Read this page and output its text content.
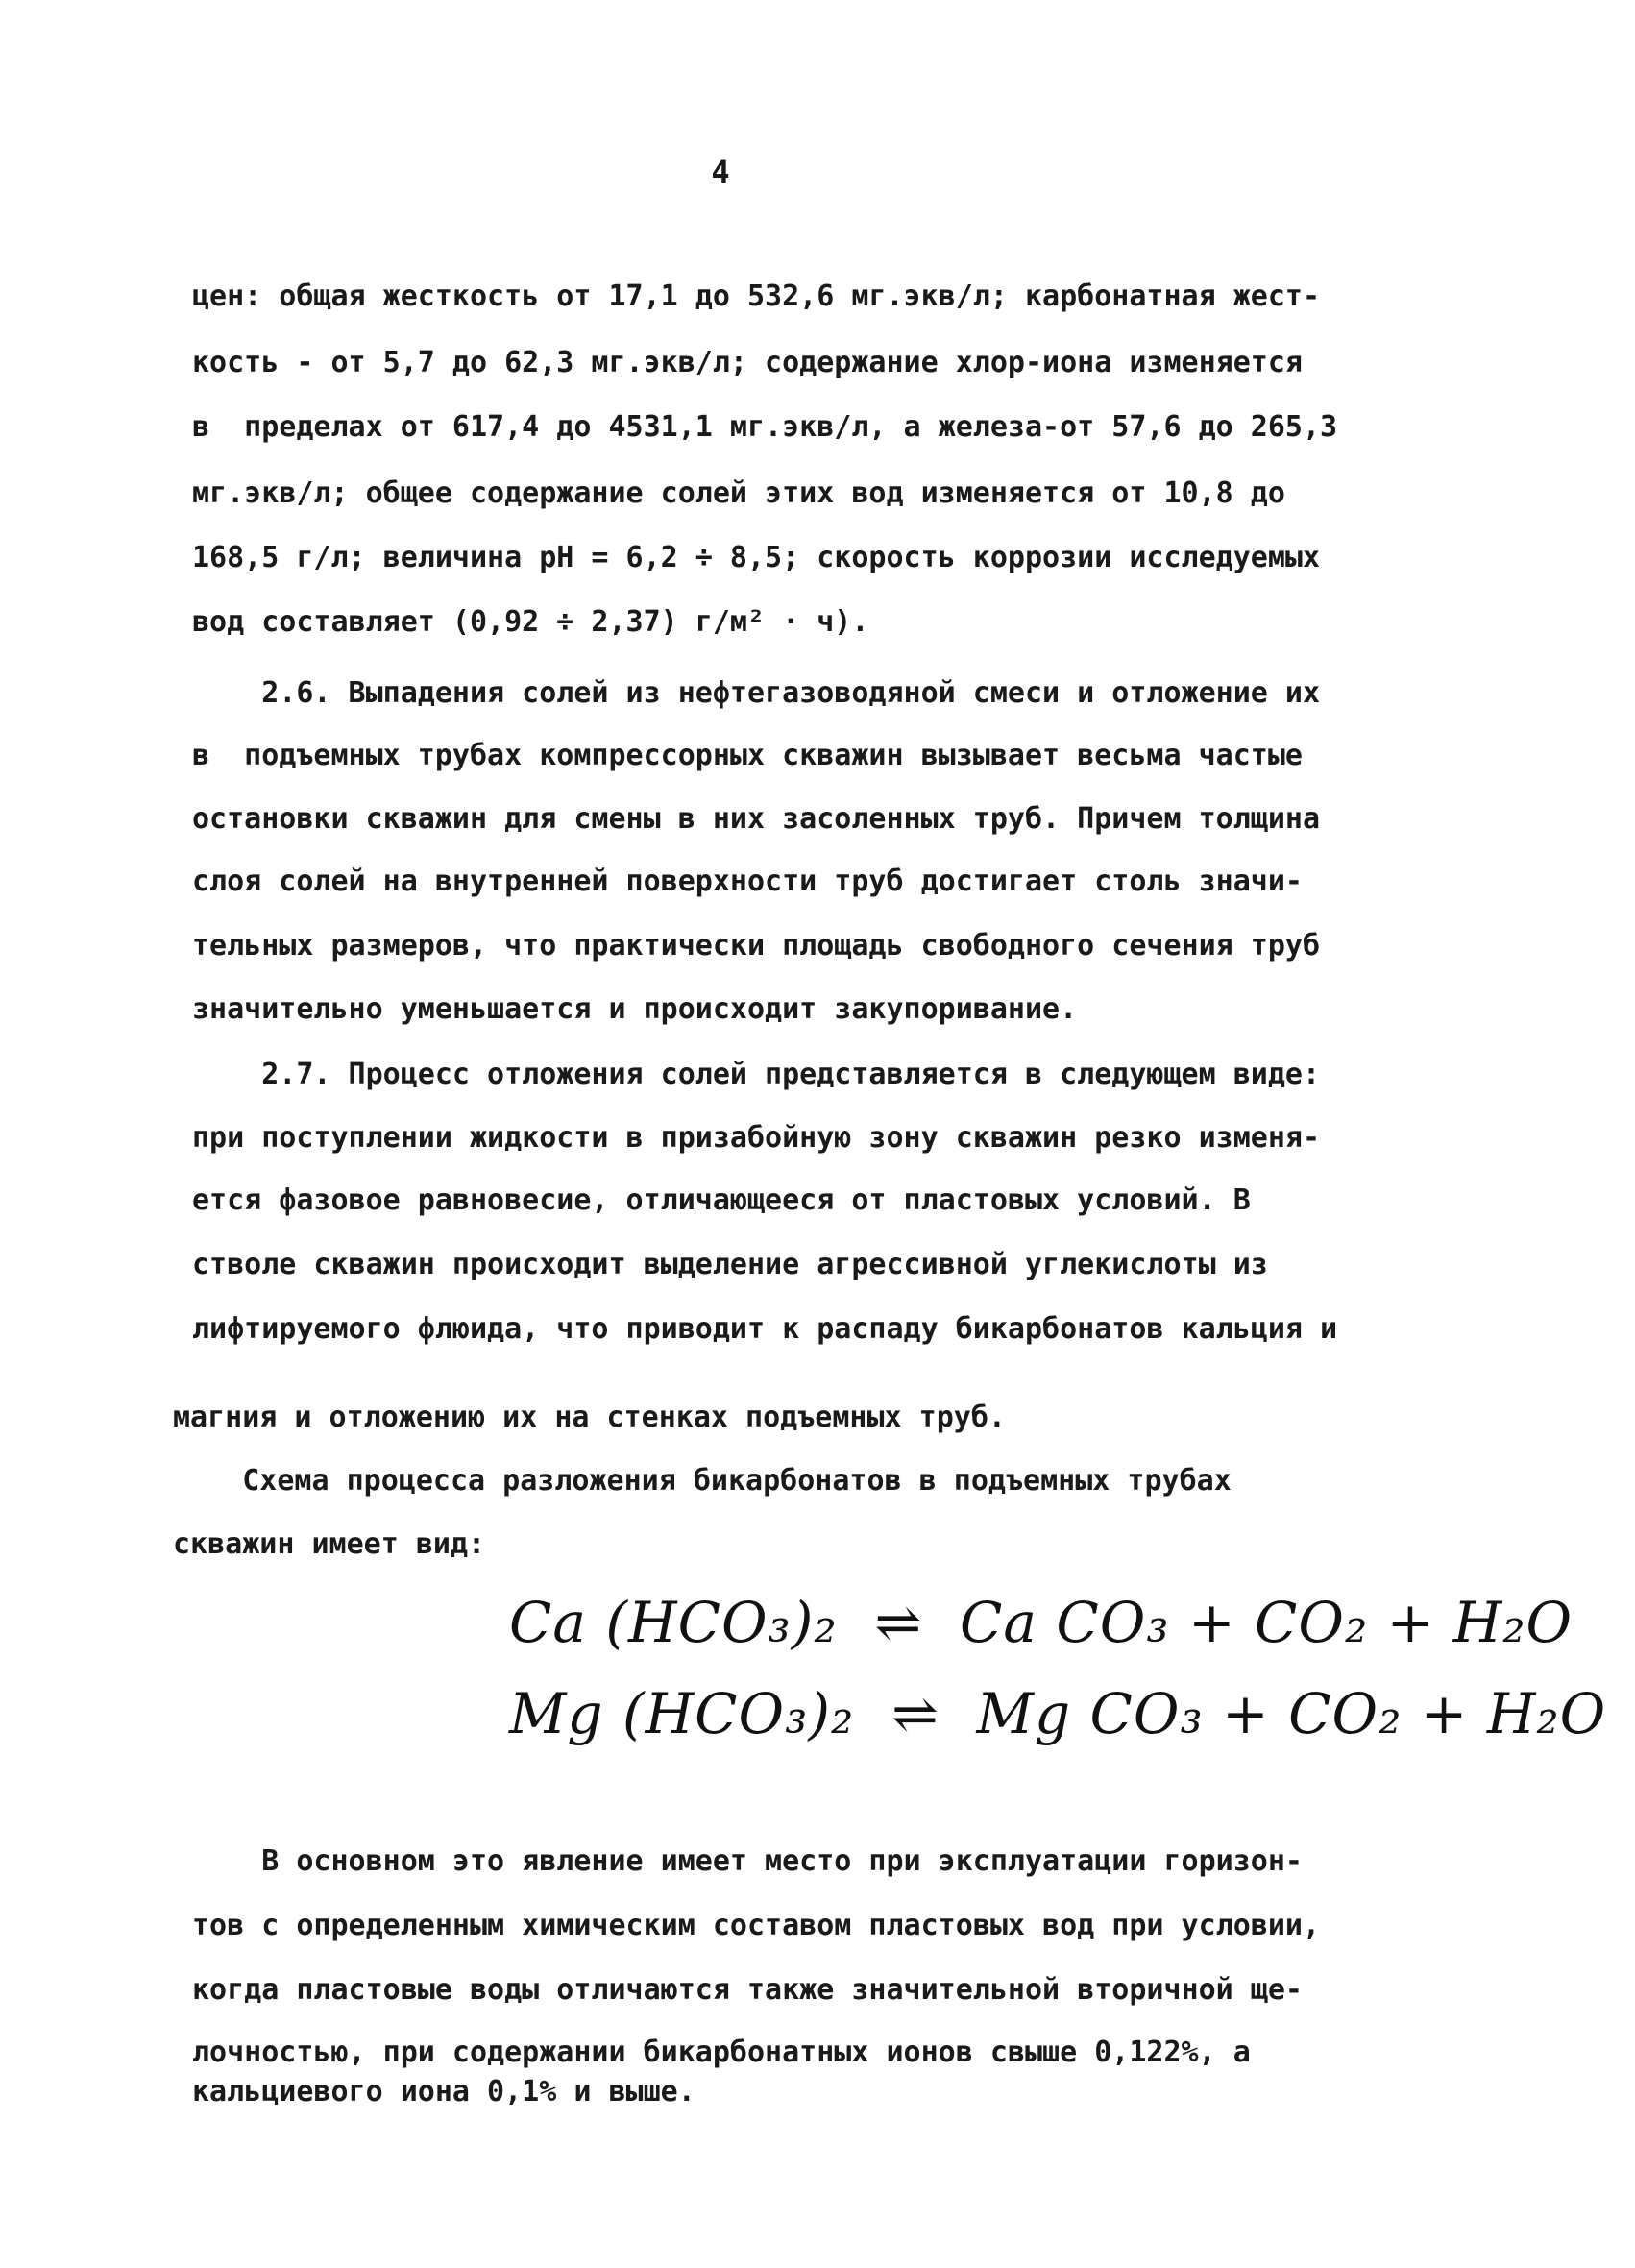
4
цен: общая жесткость от 17,1 до 532,6 мг.экв/л; карбонатная жест-
кость - от 5,7 до 62,3 мг.экв/л; содержание хлор-иона изменяется
в  пределах от 617,4 до 4531,1 мг.экв/л, а железа-от 57,6 до 265,3
мг.экв/л; общее содержание солей этих вод изменяется от 10,8 до
168,5 г/л; величина pH = 6,2 ÷ 8,5; скорость коррозии исследуемых
вод составляет (0,92 ÷ 2,37) г/м² · ч).
2.6. Выпадения солей из нефтегазоводяной смеси и отложение их
в  подъемных трубах компрессорных скважин вызывает весьма частые
остановки скважин для смены в них засоленных труб. Причем толщина
слоя солей на внутренней поверхности труб достигает столь значи-
тельных размеров, что практически площадь свободного сечения труб
значительно уменьшается и происходит закупоривание.
2.7. Процесс отложения солей представляется в следующем виде:
при поступлении жидкости в призабойную зону скважин резко изменя-
ется фазовое равновесие, отличающееся от пластовых условий. В
стволе скважин происходит выделение агрессивной углекислоты из
лифтируемого флюида, что приводит к распаду бикарбонатов кальция и
магния и отложению их на стенках подъемных труб.
Схема процесса разложения бикарбонатов в подъемных трубах
скважин имеет вид:
Ca (HCO₃)₂  ⇌  Ca CO₃ + CO₂ + H₂O
Mg (HCO₃)₂  ⇌  Mg CO₃ + CO₂ + H₂O
В основном это явление имеет место при эксплуатации горизон-
тов с определенным химическим составом пластовых вод при условии,
когда пластовые воды отличаются также значительной вторичной ще-
лочностью, при содержании бикарбонатных ионов свыше 0,122%, а
кальциевого иона 0,1% и выше.
